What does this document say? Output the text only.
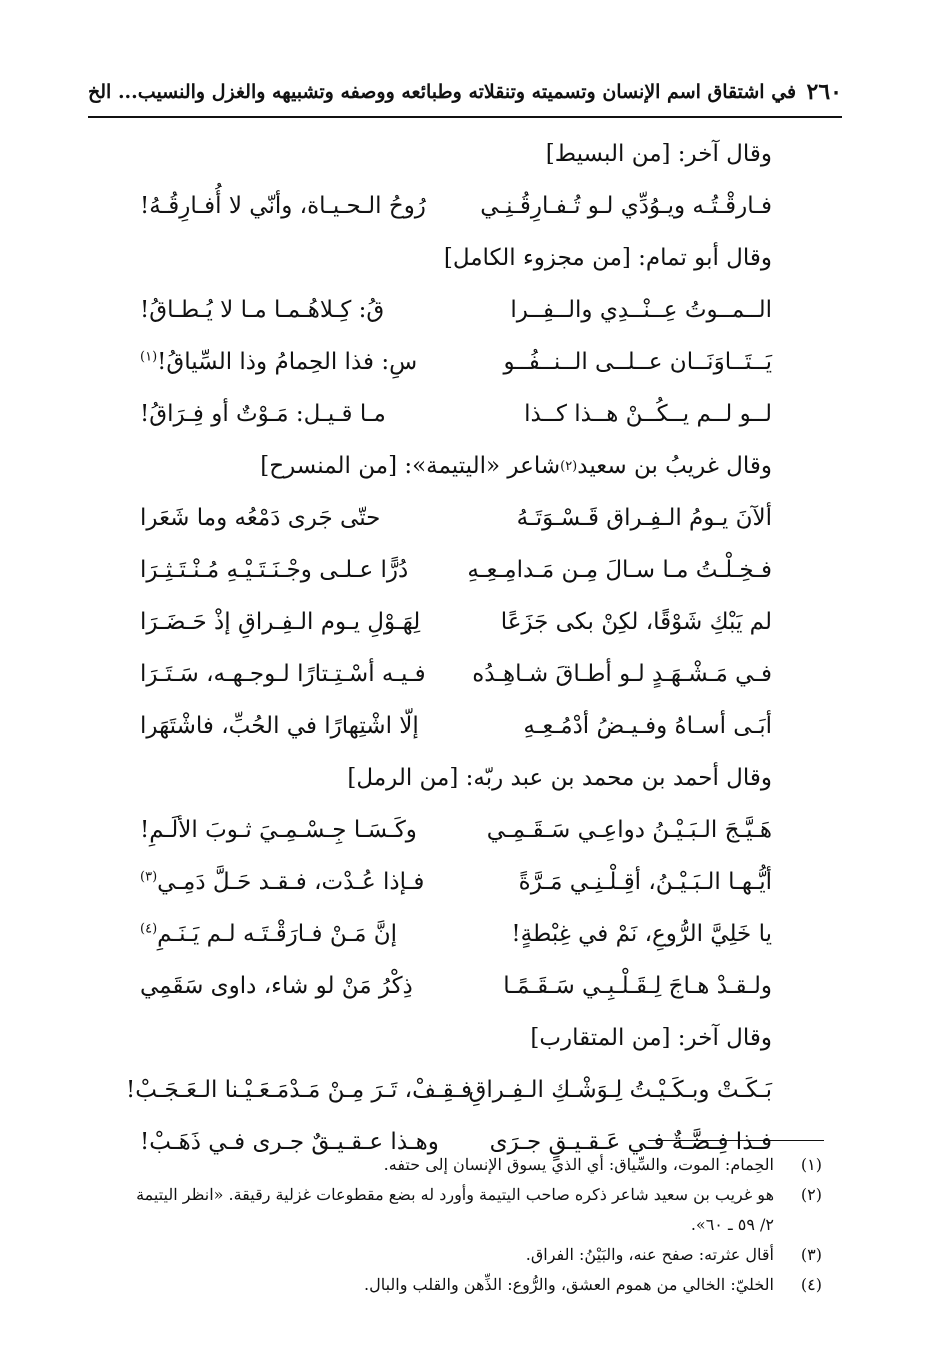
٢٦٠
في اشتقاق اسم الإنسان وتسميته وتنقلاته وطبائعه ووصفه وتشبيهه والغزل والنسيب... الخ
وقال آخر: [من البسيط]
فـارقْـتُـه ويـوُدِّي لـو تُـفـارِقُـنِـي
رُوحُ الـحـيـاة، وأنّي لا أُفـارِقُـهُ!
وقال أبو تمام: [من مجزوء الكامل]
الــمــوتُ عِــنْــدِي والــفِــرا
قُ: كِـلاهُـمـا مـا لا يُـطـاقُ!
يَــتَــاوَنَــان عــلــى الــنــفُــو
سِ: فذا الحِمامُ وذا السِّياقُ!$^{(١)}$
لــو لــم يــكُــنْ هــذا كــذا
مـا قـيـل: مَـوْتٌ أو فِـرَاقُ!
وقال غريبُ بن سعيد
(٢)
شاعر «اليتيمة»: [من المنسرح]
ألآنَ يـومُ الـفِـراق قَـسْـوَتَـهُ
حتّى جَرى دَمْعُه وما شَعَرا
فـخِـلْـتُ مـا سـالَ مِـن مَـدامِـعِـهِ
دُرًّا عـلـى وجْـنَـتَـيْـهِ مُـنْـتَـثِـرَا
لم يَبْكِ شَوْقًا، لكِنْ بكى جَزَعًا
لِهَـوْلِ يـوم الـفِـراقِ إذْ حَـضَـرَا
فـي مَـشْـهَـدٍ لـو أطـاقَ شـاهِـدُه
فـيـه أسْـتِـتارًا لـوجـهـه، سَـتَـرَا
أبَـى أسـاهُ وفـيـضُ أدْمُـعِـهِ
إلّا اشْتِهارًا في الحُبِّ، فاشْتَهَرا
وقال أحمد بن محمد بن عبد ربّه: [من الرمل]
هَـيَّـجَ الـبَـيْـنُ دواعِـي سَـقَـمِـي
وكَـسَـا جِـسْـمِـيَ ثـوبَ الألَـمِ!
أيُّـهـا الـبَـيْـنُ، أقِـلْـنِـي مَـرَّةً
فـإذا عُـدْت، فـقـد حَـلَّ دَمِـي$^{(٣)}$
يا خَلِيَّ الرُّوعِ، نَمْ في غِبْطةٍ!
إنَّ مَـنْ فـارَقْـتَـه لـم يَـنَـمِ$^{(٤)}$
ولـقـدْ هـاجَ لِـقَـلْـبِـي سَـقَـمًـا
ذِكْرُ مَنْ لو شاء، داوى سَقَمِي
وقال آخر: [من المتقارب]
بَـكَـتْ وبـكَـيْـتُ لِـوَشْـكِ الـفِـراقِ
فـقِـفْ، تَـرَ مِـنْ مَـدْمَـعَـيْـنا الـعَـجَـبْ!
فـذا فِـضَّـةٌ فـي عَـقـيـقٍ جـرَى
وهـذا عـقـيـقٌ جـرى فـي ذَهَـبْ!
(١)
الحِمام: الموت، والسِّياق: أي الذي يسوق الإنسان إلى حتفه.
(٢)
هو غريب بن سعيد شاعر ذكره صاحب اليتيمة وأورد له بضع مقطوعات غزلية رقيقة. «انظر اليتيمة ٢/ ٥٩ ـ ٦٠».
(٣)
أقال عثرته: صفح عنه، والبَيْنُ: الفراق.
(٤)
الخليّ: الخالي من هموم العشق، والرُّوع: الذِّهن والقلب والبال.
